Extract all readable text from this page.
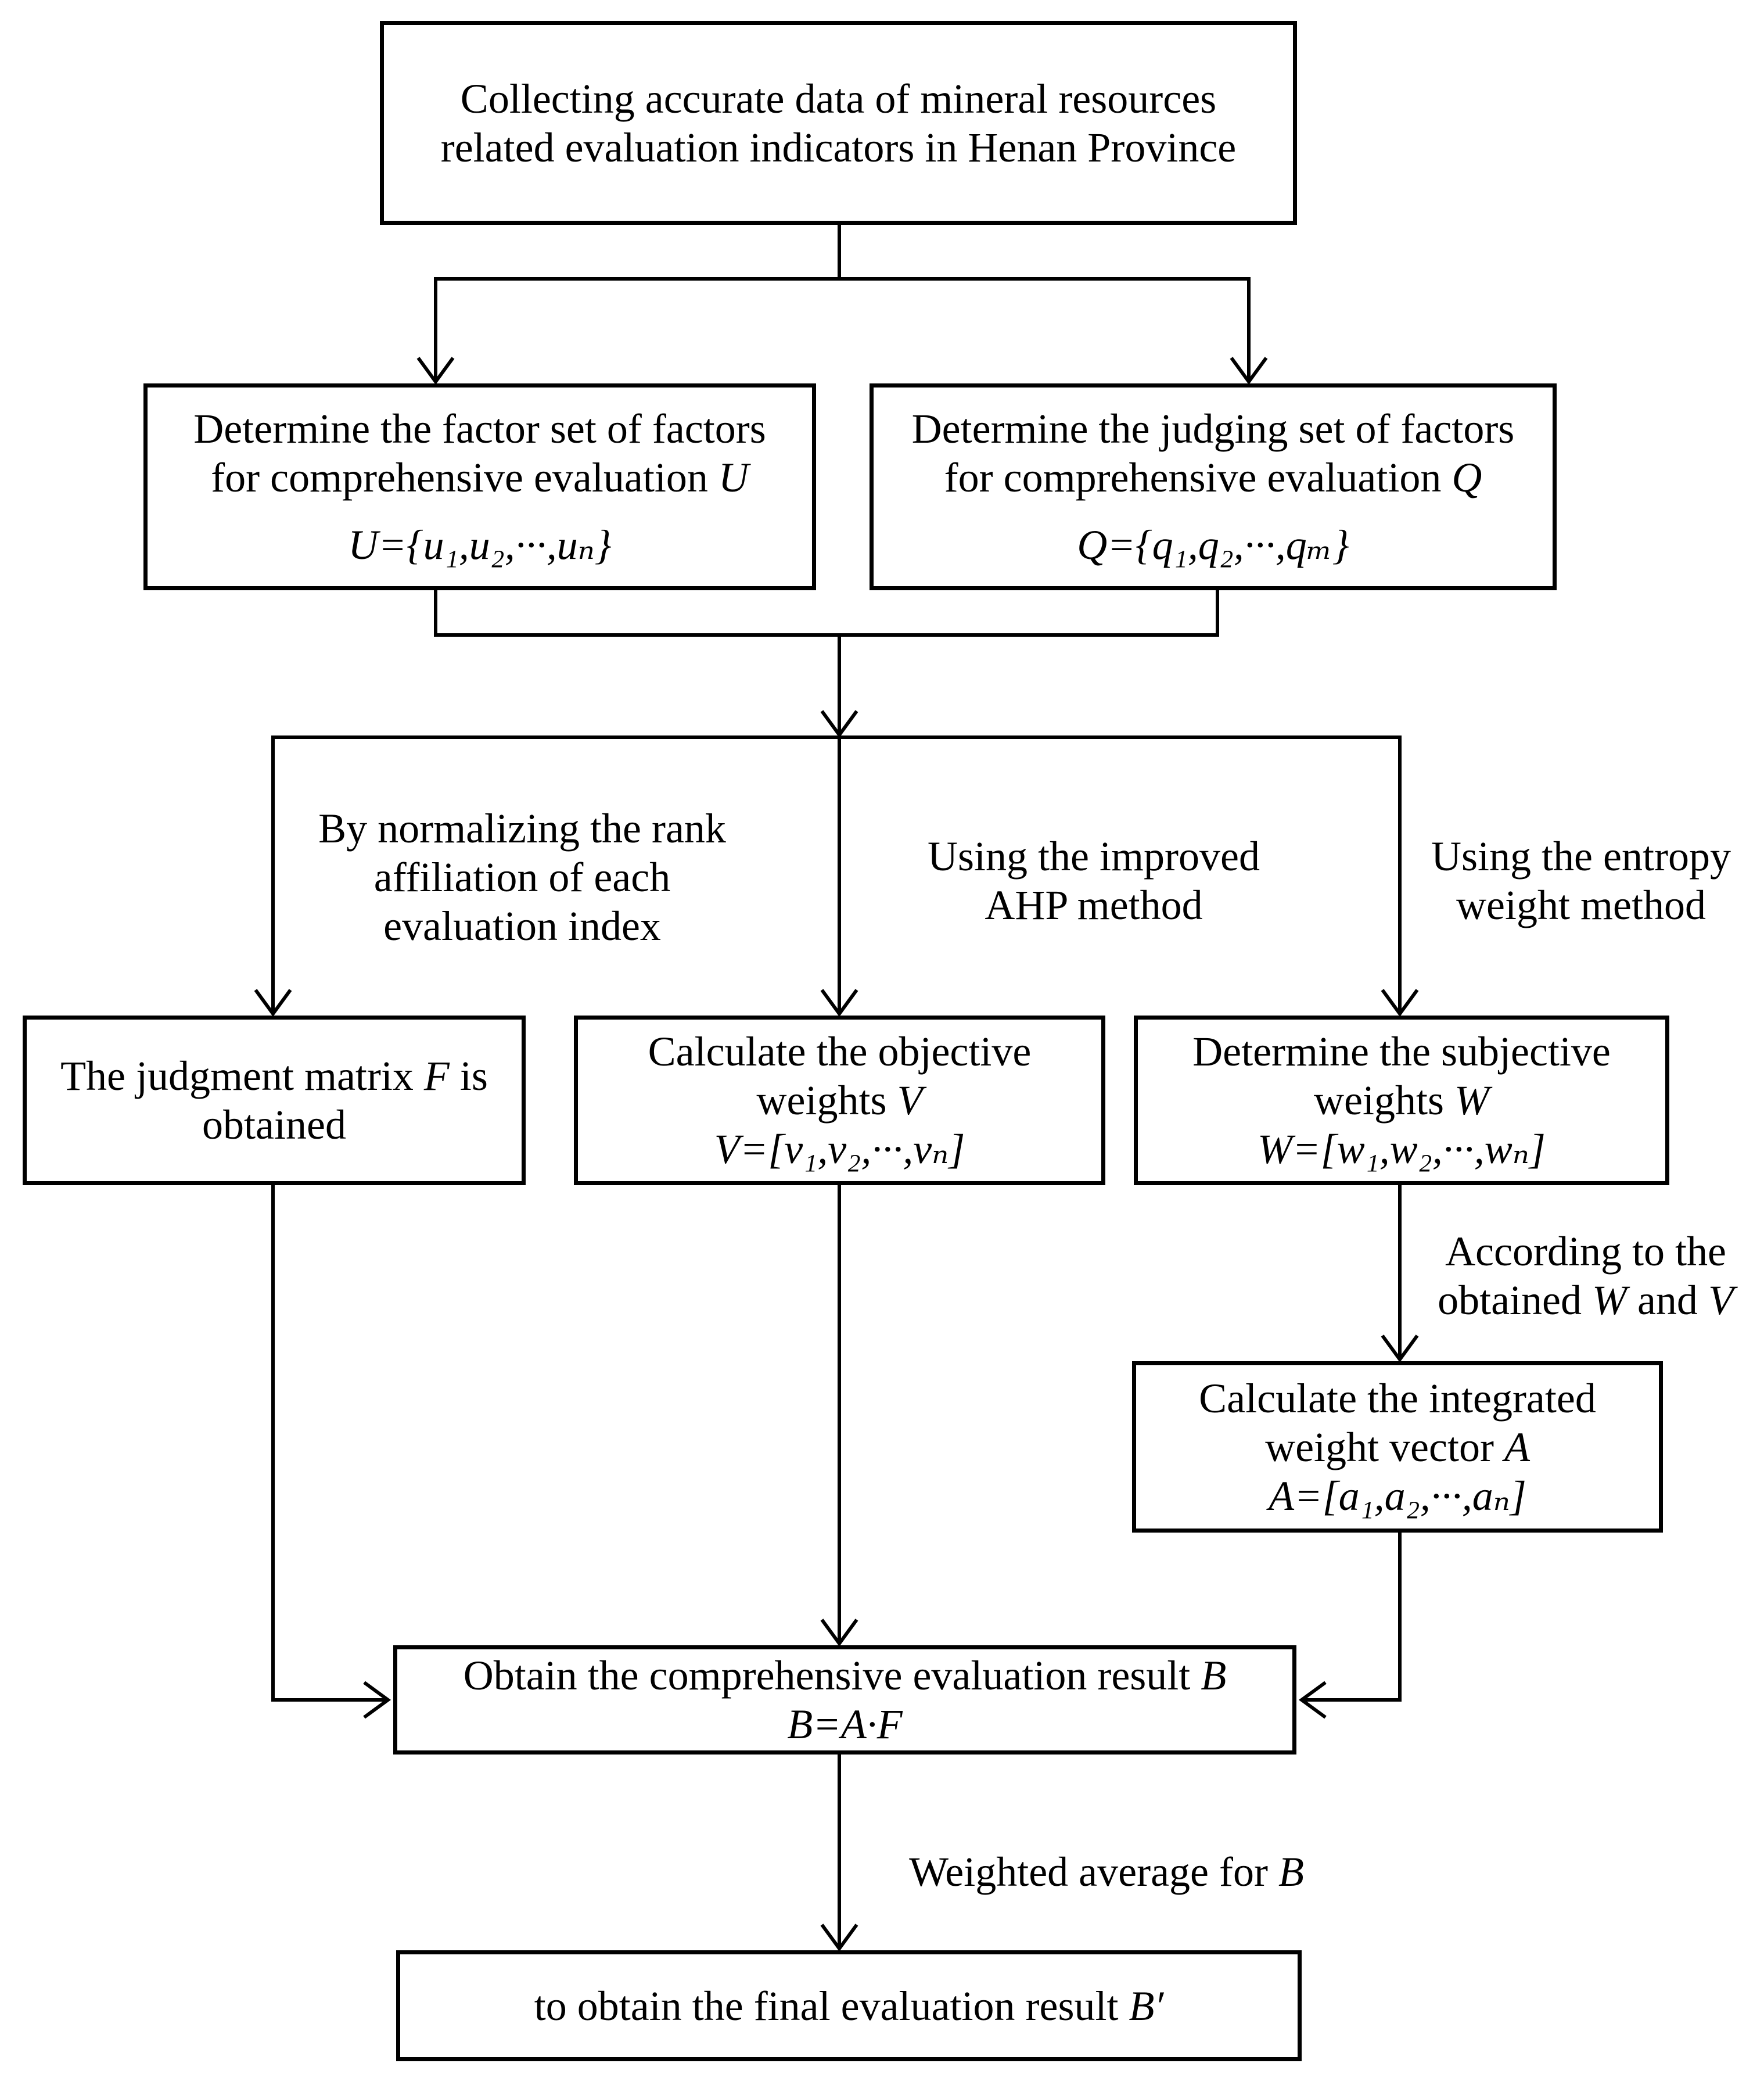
Collecting accurate data of mineral resources
related evaluation indicators in Henan Province
Determine the factor set of factors
for comprehensive evaluation U
U={u₁,u₂,···,uₙ}
Determine the judging set of factors
for comprehensive evaluation Q
Q={q₁,q₂,···,qₘ}
The judgment matrix F is
obtained
Calculate the objective
weights V
V=[v₁,v₂,···,vₙ]
Determine the subjective
weights W
W=[w₁,w₂,···,wₙ]
Calculate the integrated
weight vector A
A=[a₁,a₂,···,aₙ]
Obtain the comprehensive evaluation result B
B=A·F
to obtain the final evaluation result B′
By normalizing the rank
affiliation of each
evaluation index
Using the improved
AHP method
Using the entropy
weight method
According to the
obtained W and V
Weighted average for B
